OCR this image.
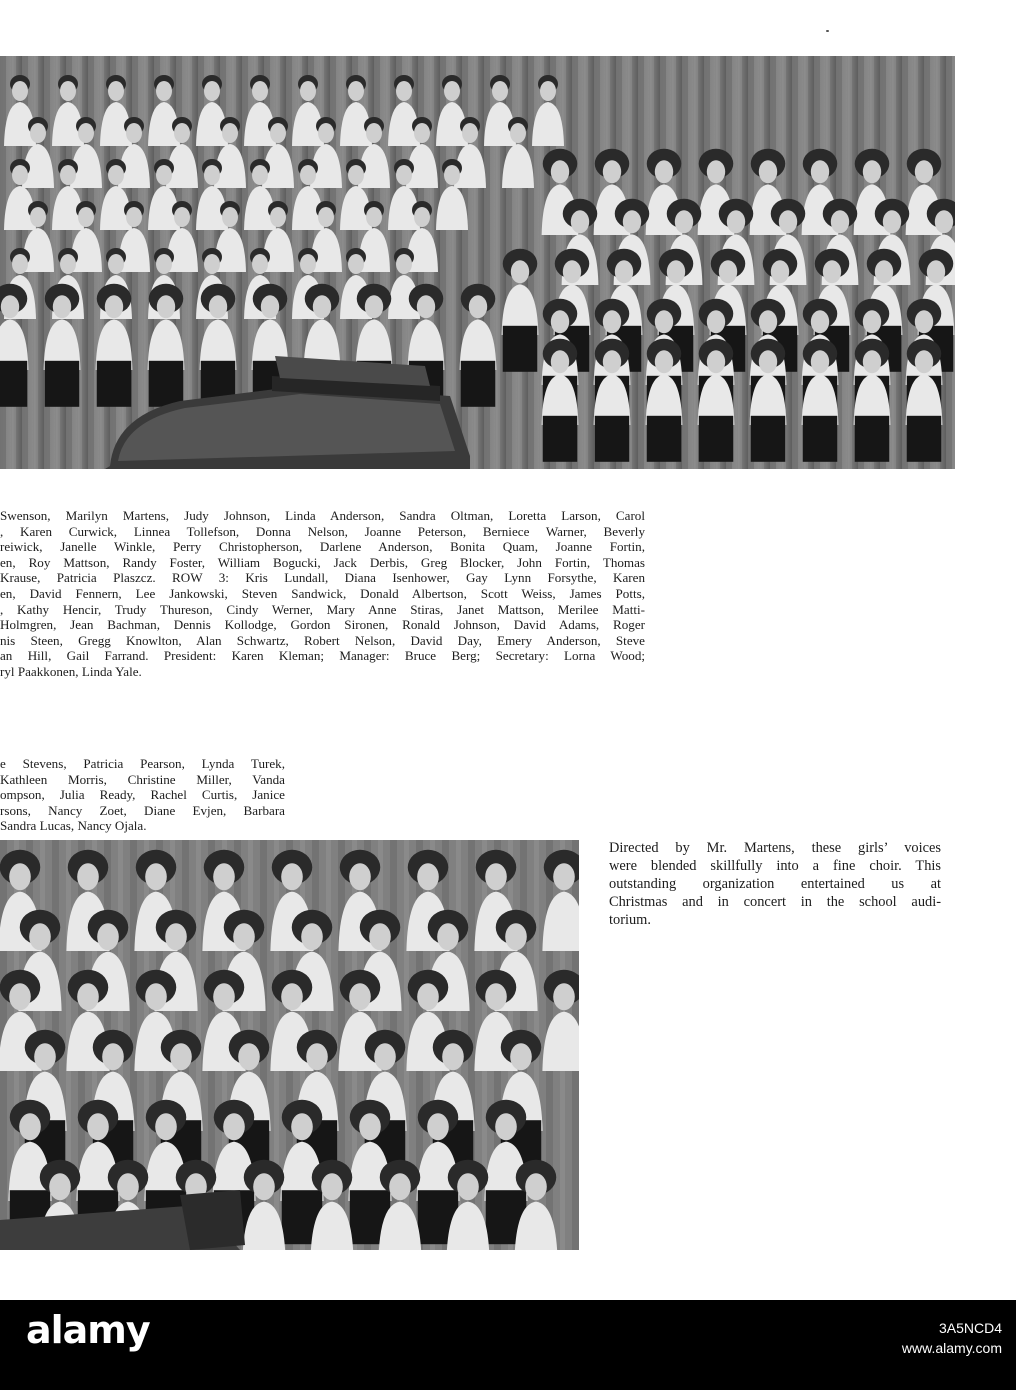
Swenson, Marilyn Martens, Judy Johnson, Linda Anderson, Sandra Oltman, Loretta Larson, Carol
, Karen Curwick, Linnea Tollefson, Donna Nelson, Joanne Peterson, Berniece Warner, Beverly
reiwick, Janelle Winkle, Perry Christopherson, Darlene Anderson, Bonita Quam, Joanne Fortin,
en, Roy Mattson, Randy Foster, William Bogucki, Jack Derbis, Greg Blocker, John Fortin, Thomas
Krause, Patricia Plaszcz. ROW 3: Kris Lundall, Diana Isenhower, Gay Lynn Forsythe, Karen
en, David Fennern, Lee Jankowski, Steven Sandwick, Donald Albertson, Scott Weiss, James Potts,
, Kathy Hencir, Trudy Thureson, Cindy Werner, Mary Anne Stiras, Janet Mattson, Merilee Matti-
Holmgren, Jean Bachman, Dennis Kollodge, Gordon Sironen, Ronald Johnson, David Adams, Roger
nis Steen, Gregg Knowlton, Alan Schwartz, Robert Nelson, David Day, Emery Anderson, Steve
an Hill, Gail Farrand. President: Karen Kleman; Manager: Bruce Berg; Secretary: Lorna Wood;
ryl Paakkonen, Linda Yale.
e Stevens, Patricia Pearson, Lynda Turek,
Kathleen Morris, Christine Miller, Vanda
ompson, Julia Ready, Rachel Curtis, Janice
rsons, Nancy Zoet, Diane Evjen, Barbara
Sandra Lucas, Nancy Ojala.
Directed by Mr. Martens, these girls’ voices
were blended skillfully into a fine choir. This
outstanding organization entertained us at
Christmas and in concert in the school audi-
torium.
alamy	3A5NCD4
www.alamy.com
